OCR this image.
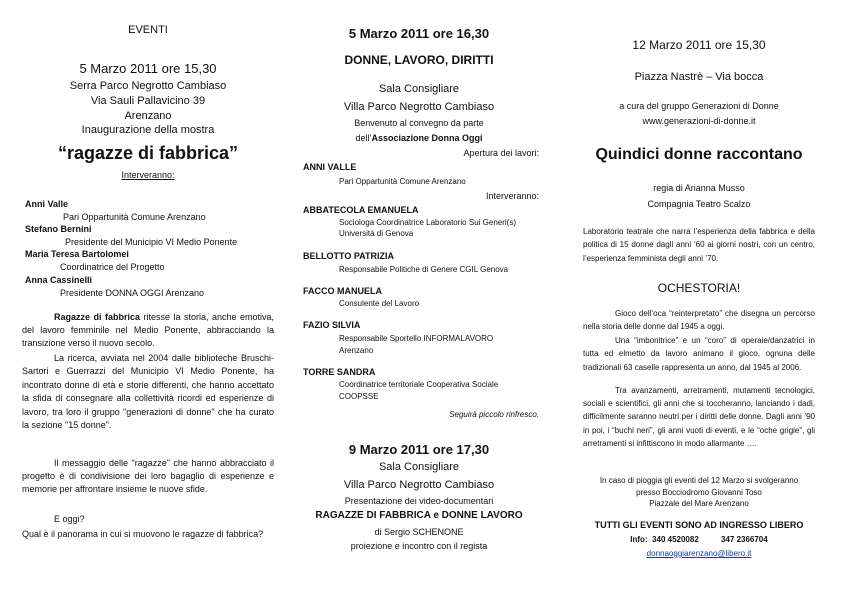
EVENTI
5 Marzo 2011 ore 15,30
Serra Parco Negrotto Cambiaso
Via Sauli Pallavicino 39
Arenzano
Inaugurazione della mostra
“ragazze di fabbrica”
Interveranno:
Anni Valle
Pari Oppartunità Comune Arenzano
Stefano Bernini
Presidente del Municipio VI Medio Ponente
Maria Teresa Bartolomei
Coordinatrice del Progetto
Anna Cassinelli
Presidente DONNA OGGI Arenzano
Ragazze di fabbrica ritesse la storia, anche emotiva, del lavoro femminile nel Medio Ponente, abbracciando la transizione verso il nuovo secolo.
La ricerca, avviata nel 2004 dalle biblioteche Bruschi-Sartori e Guerrazzi del Municipio VI Medio Ponente, ha incontrato donne di età e storie differenti, che hanno accettato la sfida di consegnare alla collettività ricordi ed esperienze di lavoro, tra loro il gruppo "generazioni di donne" che ha curato la sezione "15 donne".
Il messaggio delle "ragazze" che hanno abbracciato il progetto è di condivisione dei loro bagaglio di esperienze e memorie per affrontare insieme le nuove sfide.
E oggi?
Qual è il panorama in cui si muovono le ragazze di fabbrica?
5 Marzo 2011 ore 16,30
DONNE, LAVORO, DIRITTI
Sala Consigliare
Villa Parco Negrotto Cambiaso
Benvenuto al convegno da parte
dell’Associazione Donna Oggi
Apertura dei lavori:
ANNI VALLE
Pari Oppartunità Comune Arenzano
Interveranno:
ABBATECOLA EMANUELA
Sociologa Coordinatrice Laboratorio Sui Generi(s)
Università di Genova
BELLOTTO PATRIZIA
Responsabile Politiche di Genere CGIL Genova
FACCO MANUELA
Consulente del Lavoro
FAZIO SILVIA
Responsabile Sportello INFORMALAVORO
Arenzano
TORRE SANDRA
Coordinatrice territoriale Cooperativa Sociale
COOPSSE
Seguirà piccolo rinfresco.
9 Marzo 2011 ore 17,30
Sala Consigliare
Villa Parco Negrotto Cambiaso
Presentazione dei video-documentari
RAGAZZE DI FABBRICA e DONNE LAVORO
di Sergio SCHENONE
proiezione e incontro con il regista
12 Marzo 2011 ore 15,30
Piazza Nastrè – Via bocca
a cura del gruppo Generazioni di Donne
www.generazioni-di-donne.it
Quindici donne raccontano
regia di Arianna Musso
Compagnia Teatro Scalzo
Laboratorio teatrale che narra l’esperienza della fabbrica e della politica di 15 donne dagli anni ’60 ai giorni nostri, con un centro, l’esperienza femminista degli anni ’70.
OCHESTORIA!
Gioco dell’oca “reinterpretato” che disegna un percorso nella storia delle donne dal 1945 a oggi.
Una “imbonitrice” e un “coro” di operaie/danzatrici in tutta ed elmetto da lavoro animano il gioco, ognuna delle tradizionali 63 caselle rappresenta un anno, dal 1945 al 2006.
Tra avanzamenti, arretramenti, mutamenti tecnologici, sociali e scientifici, gli anni che si toccheranno, lanciando i dadi, difficilmente saranno neutri per i diritti delle donne. Dagli anni ’90 in poi, i “buchi neri”, gli anni vuoti di eventi, e le “oche grigie”, gli arretramenti si infittiscono in modo allarmante ….
In caso di pioggia gli eventi del 12 Marzo si svolgeranno
presso Bocciodromo Giovanni Toso
Piazzale del Mare Arenzano
TUTTI GLI EVENTI SONO AD INGRESSO LIBERO
Info:  340 4520082          347 2366704
donnaoggiarenzano@libero.it
